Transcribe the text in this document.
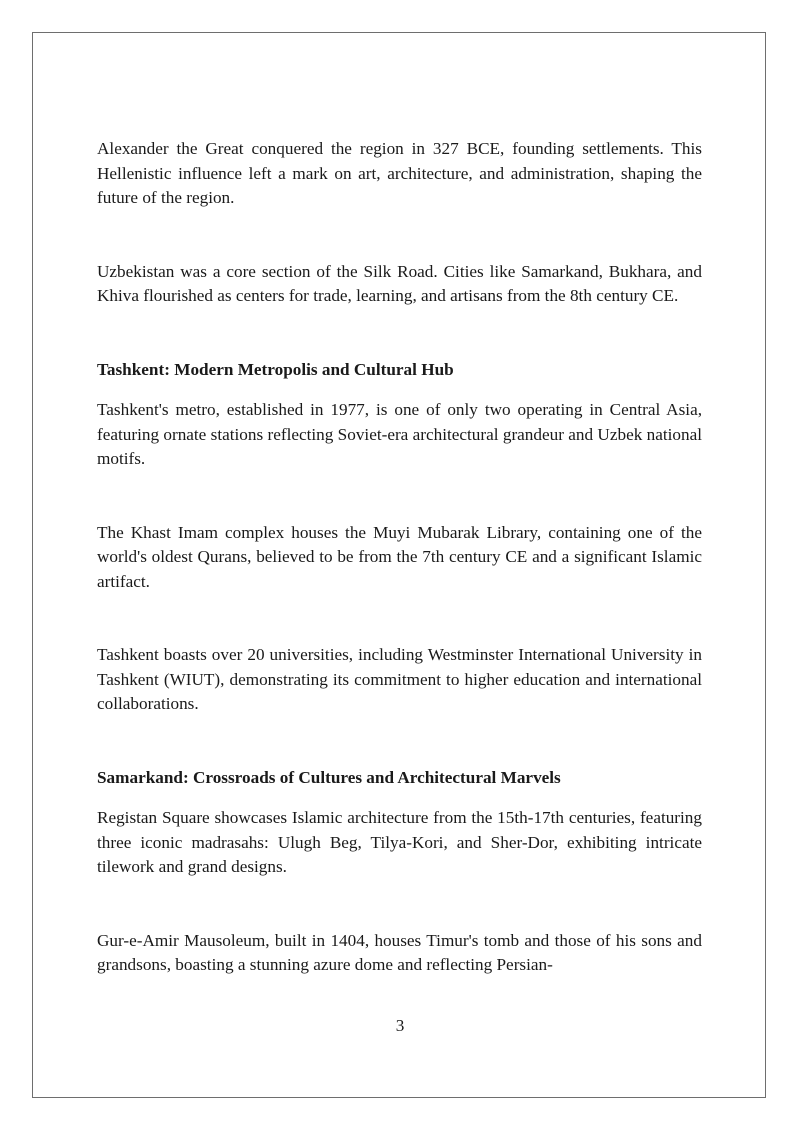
Alexander the Great conquered the region in 327 BCE, founding settlements. This Hellenistic influence left a mark on art, architecture, and administration, shaping the future of the region.

Uzbekistan was a core section of the Silk Road. Cities like Samarkand, Bukhara, and Khiva flourished as centers for trade, learning, and artisans from the 8th century CE.

Tashkent: Modern Metropolis and Cultural Hub

Tashkent's metro, established in 1977, is one of only two operating in Central Asia, featuring ornate stations reflecting Soviet-era architectural grandeur and Uzbek national motifs.

The Khast Imam complex houses the Muyi Mubarak Library, containing one of the world's oldest Qurans, believed to be from the 7th century CE and a significant Islamic artifact.

Tashkent boasts over 20 universities, including Westminster International University in Tashkent (WIUT), demonstrating its commitment to higher education and international collaborations.

Samarkand: Crossroads of Cultures and Architectural Marvels

Registan Square showcases Islamic architecture from the 15th-17th centuries, featuring three iconic madrasahs: Ulugh Beg, Tilya-Kori, and Sher-Dor, exhibiting intricate tilework and grand designs.

Gur-e-Amir Mausoleum, built in 1404, houses Timur's tomb and those of his sons and grandsons, boasting a stunning azure dome and reflecting Persian-

3
